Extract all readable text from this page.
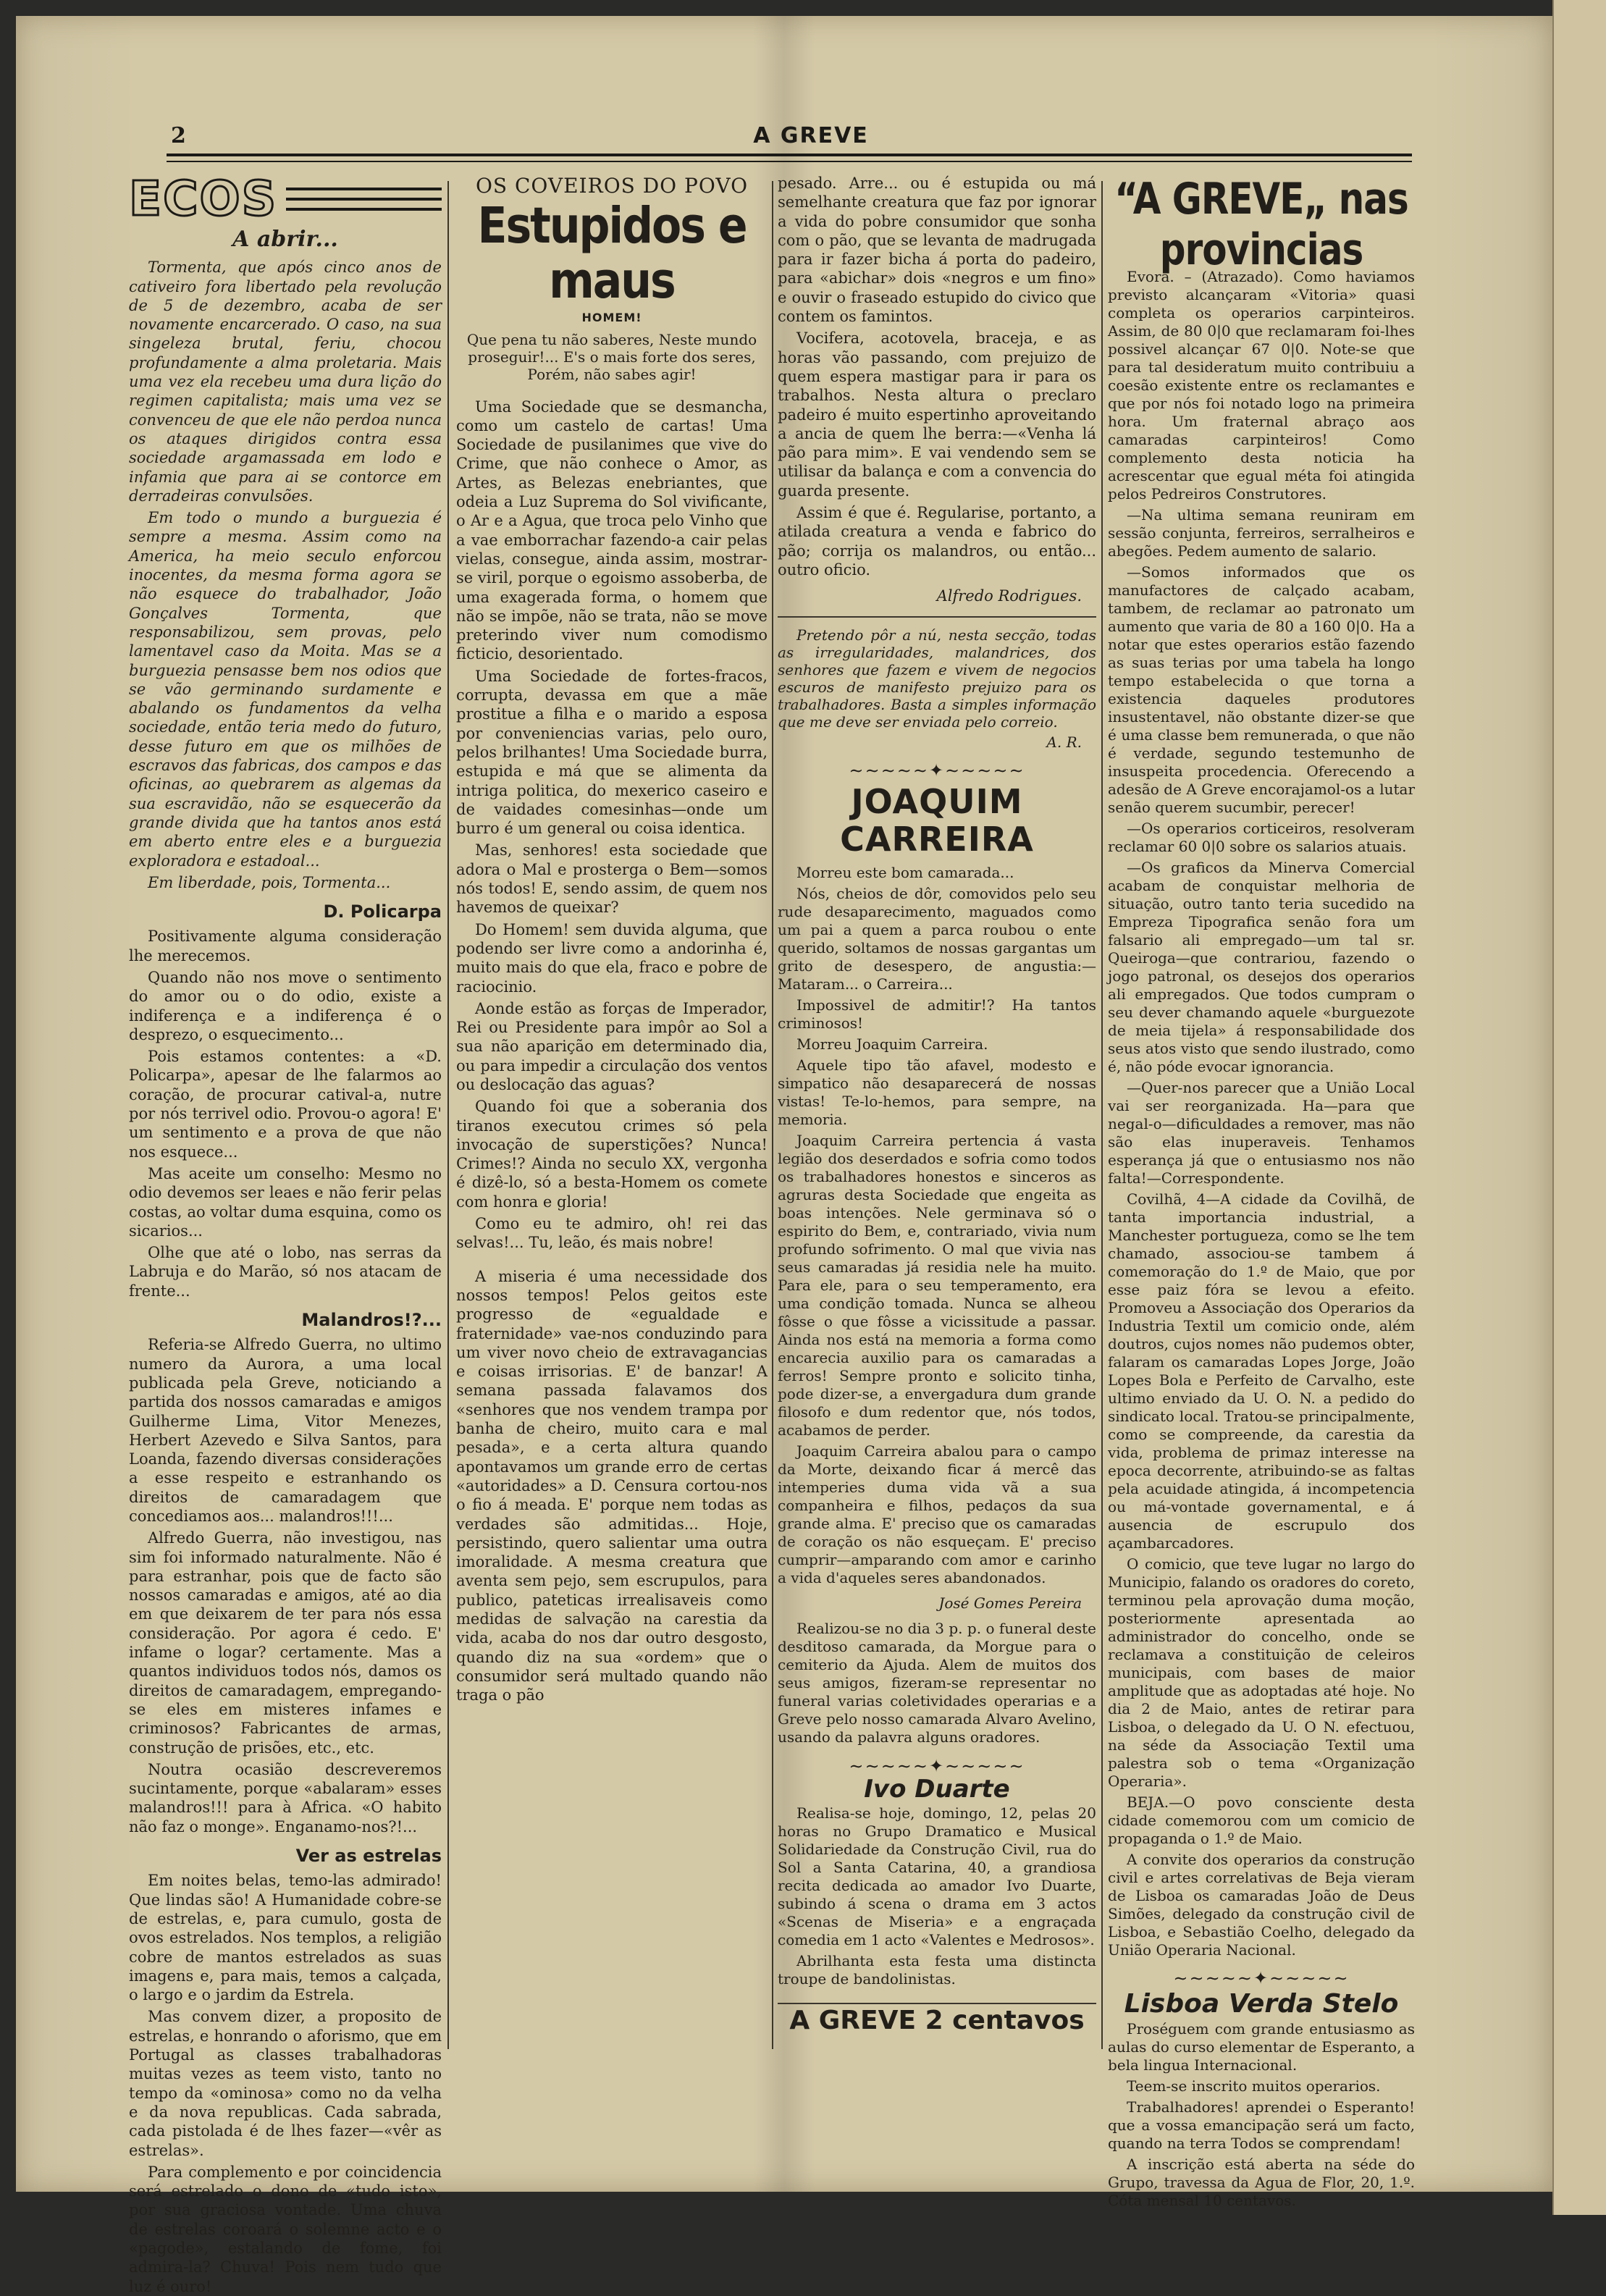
2	A GREVE
ECOS
A abrir...

Tormenta, que após cinco anos de cativeiro fora libertado pela revolução de 5 de dezembro, acaba de ser novamente encarcerado. O caso, na sua singeleza brutal, feriu, chocou profundamente a alma proletaria. Mais uma vez ela recebeu uma dura lição do regimen capitalista; mais uma vez se convenceu de que ele não perdoa nunca os ataques dirigidos contra essa sociedade argamassada em lodo e infamia que para ai se contorce em derradeiras convulsões.

Em todo o mundo a burguezia é sempre a mesma. Assim como na America, ha meio seculo enforcou inocentes, da mesma forma agora se não esquece do trabalhador, João Gonçalves Tormenta, que responsabilizou, sem provas, pelo lamentavel caso da Moita. Mas se a burguezia pensasse bem nos odios que se vão germinando surdamente e abalando os fundamentos da velha sociedade, então teria medo do futuro, desse futuro em que os milhões de escravos das fabricas, dos campos e das oficinas, ao quebrarem as algemas da sua escravidão, não se esquecerão da grande divida que ha tantos anos está em aberto entre eles e a burguezia exploradora e estadoal...

Em liberdade, pois, Tormenta...

D. Policarpa

Positivamente alguma consideração lhe merecemos.

Quando não nos move o sentimento do amor ou o do odio, existe a indiferença e a indiferença é o desprezo, o esquecimento...

Pois estamos contentes: a «D. Policarpa», apesar de lhe falarmos ao coração, de procurar catival-a, nutre por nós terrivel odio. Provou-o agora! E' um sentimento e a prova de que não nos esquece...

Mas aceite um conselho: Mesmo no odio devemos ser leaes e não ferir pelas costas, ao voltar duma esquina, como os sicarios...

Olhe que até o lobo, nas serras da Labruja e do Marão, só nos atacam de frente...

Malandros!?...

Referia-se Alfredo Guerra, no ultimo numero da Aurora, a uma local publicada pela Greve, noticiando a partida dos nossos camaradas e amigos Guilherme Lima, Vitor Menezes, Herbert Azevedo e Silva Santos, para Loanda, fazendo diversas considerações a esse respeito e estranhando os direitos de camaradagem que concediamos aos... malandros!!!...

Alfredo Guerra, não investigou, nas sim foi informado naturalmente. Não é para estranhar, pois que de facto são nossos camaradas e amigos, até ao dia em que deixarem de ter para nós essa consideração. Por agora é cedo. E' infame o logar? certamente. Mas a quantos individuos todos nós, damos os direitos de camaradagem, empregando-se eles em misteres infames e criminosos? Fabricantes de armas, construção de prisões, etc., etc.

Noutra ocasião descreveremos sucintamente, porque «abalaram» esses malandros!!! para à Africa. «O habito não faz o monge». Enganamo-nos?!...

Ver as estrelas

Em noites belas, temo-las admirado! Que lindas são! A Humanidade cobre-se de estrelas, e, para cumulo, gosta de ovos estrelados. Nos templos, a religião cobre de mantos estrelados as suas imagens e, para mais, temos a calçada, o largo e o jardim da Estrela.

Mas convem dizer, a proposito de estrelas, e honrando o aforismo, que em Portugal as classes trabalhadoras muitas vezes as teem visto, tanto no tempo da «ominosa» como no da velha e da nova republicas. Cada sabrada, cada pistolada é de lhes fazer—«vêr as estrelas».

Para complemento e por coincidencia será estrelado o dono de «tudo isto», por sua graciosa vontade. Uma chuva de estrelas coroará o solemne acto e o «pagode», estalando de fome, foi admira-la? Chuva! Pois nem tudo que luz é ouro!

OS COVEIROS DO POVO
Estupidos e maus
HOMEM!
Que pena tu não saberes, Neste mundo proseguir!... E's o mais forte dos seres, Porém, não sabes agir!

Uma Sociedade que se desmancha, como um castelo de cartas! Uma Sociedade de pusilanimes que vive do Crime, que não conhece o Amor, as Artes, as Belezas enebriantes, que odeia a Luz Suprema do Sol vivificante, o Ar e a Agua, que troca pelo Vinho que a vae emborrachar fazendo-a cair pelas vielas, consegue, ainda assim, mostrar-se viril, porque o egoismo assoberba, de uma exagerada forma, o homem que não se impõe, não se trata, não se move preterindo viver num comodismo ficticio, desorientado.

Uma Sociedade de fortes-fracos, corrupta, devassa em que a mãe prostitue a filha e o marido a esposa por conveniencias varias, pelo ouro, pelos brilhantes! Uma Sociedade burra, estupida e má que se alimenta da intriga politica, do mexerico caseiro e de vaidades comesinhas—onde um burro é um general ou coisa identica.

Mas, senhores! esta sociedade que adora o Mal e prosterga o Bem—somos nós todos! E, sendo assim, de quem nos havemos de queixar?

Do Homem! sem duvida alguma, que podendo ser livre como a andorinha é, muito mais do que ela, fraco e pobre de raciocinio.

Aonde estão as forças de Imperador, Rei ou Presidente para impôr ao Sol a sua não aparição em determinado dia, ou para impedir a circulação dos ventos ou deslocação das aguas?

Quando foi que a soberania dos tiranos executou crimes só pela invocação de superstições? Nunca! Crimes!? Ainda no seculo XX, vergonha é dizê-lo, só a besta-Homem os comete com honra e gloria!

Como eu te admiro, oh! rei das selvas!... Tu, leão, és mais nobre!

A miseria é uma necessidade dos nossos tempos! Pelos geitos este progresso de «egualdade e fraternidade» vae-nos conduzindo para um viver novo cheio de extravagancias e coisas irrisorias. E' de banzar! A semana passada falavamos dos «senhores que nos vendem trampa por banha de cheiro, muito cara e mal pesada», e a certa altura quando apontavamos um grande erro de certas «autoridades» a D. Censura cortou-nos o fio á meada. E' porque nem todas as verdades são admitidas... Hoje, persistindo, quero salientar uma outra imoralidade. A mesma creatura que aventa sem pejo, sem escrupulos, para publico, pateticas irrealisaveis como medidas de salvação na carestia da vida, acaba do nos dar outro desgosto, quando diz na sua «ordem» que o consumidor será multado quando não traga o pão

pesado. Arre... ou é estupida ou má semelhante creatura que faz por ignorar a vida do pobre consumidor que sonha com o pão, que se levanta de madrugada para ir fazer bicha á porta do padeiro, para «abichar» dois «negros e um fino» e ouvir o fraseado estupido do civico que contem os famintos.

Vocifera, acotovela, braceja, e as horas vão passando, com prejuizo de quem espera mastigar para ir para os trabalhos. Nesta altura o preclaro padeiro é muito espertinho aproveitando a ancia de quem lhe berra:—«Venha lá pão para mim». E vai vendendo sem se utilisar da balança e com a convencia do guarda presente.

Assim é que é. Regularise, portanto, a atilada creatura a venda e fabrico do pão; corrija os malandros, ou então... outro oficio.

Alfredo Rodrigues.

Pretendo pôr a nú, nesta secção, todas as irregularidades, malandrices, dos senhores que fazem e vivem de negocios escuros de manifesto prejuizo para os trabalhadores. Basta a simples informação que me deve ser enviada pelo correio.

A. R.
∼∼∼∼∼✦∼∼∼∼∼
JOAQUIM CARREIRA

Morreu este bom camarada...

Nós, cheios de dôr, comovidos pelo seu rude desaparecimento, maguados como um pai a quem a parca roubou o ente querido, soltamos de nossas gargantas um grito de desespero, de angustia:—Mataram... o Carreira...

Impossivel de admitir!? Ha tantos criminosos!

Morreu Joaquim Carreira.

Aquele tipo tão afavel, modesto e simpatico não desaparecerá de nossas vistas! Te-lo-hemos, para sempre, na memoria.

Joaquim Carreira pertencia á vasta legião dos deserdados e sofria como todos os trabalhadores honestos e sinceros as agruras desta Sociedade que engeita as boas intenções. Nele germinava só o espirito do Bem, e, contrariado, vivia num profundo sofrimento. O mal que vivia nas seus camaradas já residia nele ha muito. Para ele, para o seu temperamento, era uma condição tomada. Nunca se alheou fôsse o que fôsse a vicissitude a passar. Ainda nos está na memoria a forma como encarecia auxilio para os camaradas a ferros! Sempre pronto e solicito tinha, pode dizer-se, a envergadura dum grande filosofo e dum redentor que, nós todos, acabamos de perder.

Joaquim Carreira abalou para o campo da Morte, deixando ficar á mercê das intemperies duma vida vã a sua companheira e filhos, pedaços da sua grande alma. E' preciso que os camaradas de coração os não esqueçam. E' preciso cumprir—amparando com amor e carinho a vida d'aqueles seres abandonados.

José Gomes Pereira

Realizou-se no dia 3 p. p. o funeral deste desditoso camarada, da Morgue para o cemiterio da Ajuda. Alem de muitos dos seus amigos, fizeram-se representar no funeral varias coletividades operarias e a Greve pelo nosso camarada Alvaro Avelino, usando da palavra alguns oradores.

∼∼∼∼∼✦∼∼∼∼∼
Ivo Duarte

Realisa-se hoje, domingo, 12, pelas 20 horas no Grupo Dramatico e Musical Solidariedade da Construção Civil, rua do Sol a Santa Catarina, 40, a grandiosa recita dedicada ao amador Ivo Duarte, subindo á scena o drama em 3 actos «Scenas de Miseria» e a engraçada comedia em 1 acto «Valentes e Medrosos».

Abrilhanta esta festa uma distincta troupe de bandolinistas.

A GREVE 2 centavos
“A GREVE„ nas provincias

Evora. – (Atrazado). Como haviamos previsto alcançaram «Vitoria» quasi completa os operarios carpinteiros. Assim, de 80 0|0 que reclamaram foi-lhes possivel alcançar 67 0|0. Note-se que para tal desideratum muito contribuiu a coesão existente entre os reclamantes e que por nós foi notado logo na primeira hora. Um fraternal abraço aos camaradas carpinteiros! Como complemento desta noticia ha acrescentar que egual méta foi atingida pelos Pedreiros Construtores.

—Na ultima semana reuniram em sessão conjunta, ferreiros, serralheiros e abegões. Pedem aumento de salario.

—Somos informados que os manufactores de calçado acabam, tambem, de reclamar ao patronato um aumento que varia de 80 a 160 0|0. Ha a notar que estes operarios estão fazendo as suas terias por uma tabela ha longo tempo estabelecida o que torna a existencia daqueles produtores insustentavel, não obstante dizer-se que é uma classe bem remunerada, o que não é verdade, segundo testemunho de insuspeita procedencia. Oferecendo a adesão de A Greve encorajamol-os a lutar senão querem sucumbir, perecer!

—Os operarios corticeiros, resolveram reclamar 60 0|0 sobre os salarios atuais.

—Os graficos da Minerva Comercial acabam de conquistar melhoria de situação, outro tanto teria sucedido na Empreza Tipografica senão fora um falsario ali empregado—um tal sr. Queiroga—que contrariou, fazendo o jogo patronal, os desejos dos operarios ali empregados. Que todos cumpram o seu dever chamando aquele «burguezote de meia tijela» á responsabilidade dos seus atos visto que sendo ilustrado, como é, não póde evocar ignorancia.

—Quer-nos parecer que a União Local vai ser reorganizada. Ha—para que negal-o—dificuldades a remover, mas não são elas inuperaveis. Tenhamos esperança já que o entusiasmo nos não falta!—Correspondente.

Covilhã, 4—A cidade da Covilhã, de tanta importancia industrial, a Manchester portugueza, como se lhe tem chamado, associou-se tambem á comemoração do 1.º de Maio, que por esse paiz fóra se levou a efeito. Promoveu a Associação dos Operarios da Industria Textil um comicio onde, além doutros, cujos nomes não pudemos obter, falaram os camaradas Lopes Jorge, João Lopes Bola e Perfeito de Carvalho, este ultimo enviado da U. O. N. a pedido do sindicato local. Tratou-se principalmente, como se compreende, da carestia da vida, problema de primaz interesse na epoca decorrente, atribuindo-se as faltas pela acuidade atingida, á incompetencia ou má-vontade governamental, e á ausencia de escrupulo dos açambarcadores.

O comicio, que teve lugar no largo do Municipio, falando os oradores do coreto, terminou pela aprovação duma moção, posteriormente apresentada ao administrador do concelho, onde se reclamava a constituição de celeiros municipais, com bases de maior amplitude que as adoptadas até hoje. No dia 2 de Maio, antes de retirar para Lisboa, o delegado da U. O N. efectuou, na séde da Associação Textil uma palestra sob o tema «Organização Operaria».

BEJA.—O povo consciente desta cidade comemorou com um comicio de propaganda o 1.º de Maio.

A convite dos operarios da construção civil e artes correlativas de Beja vieram de Lisboa os camaradas João de Deus Simões, delegado da construção civil de Lisboa, e Sebastião Coelho, delegado da União Operaria Nacional.

∼∼∼∼∼✦∼∼∼∼∼
Lisboa Verda Stelo

Proséguem com grande entusiasmo as aulas do curso elementar de Esperanto, a bela lingua Internacional.

Teem-se inscrito muitos operarios.

Trabalhadores! aprendei o Esperanto! que a vossa emancipação será um facto, quando na terra Todos se comprendam!

A inscrição está aberta na séde do Grupo, travessa da Agua de Flor, 20, 1.º. Cóta mensal 10 centavos.
